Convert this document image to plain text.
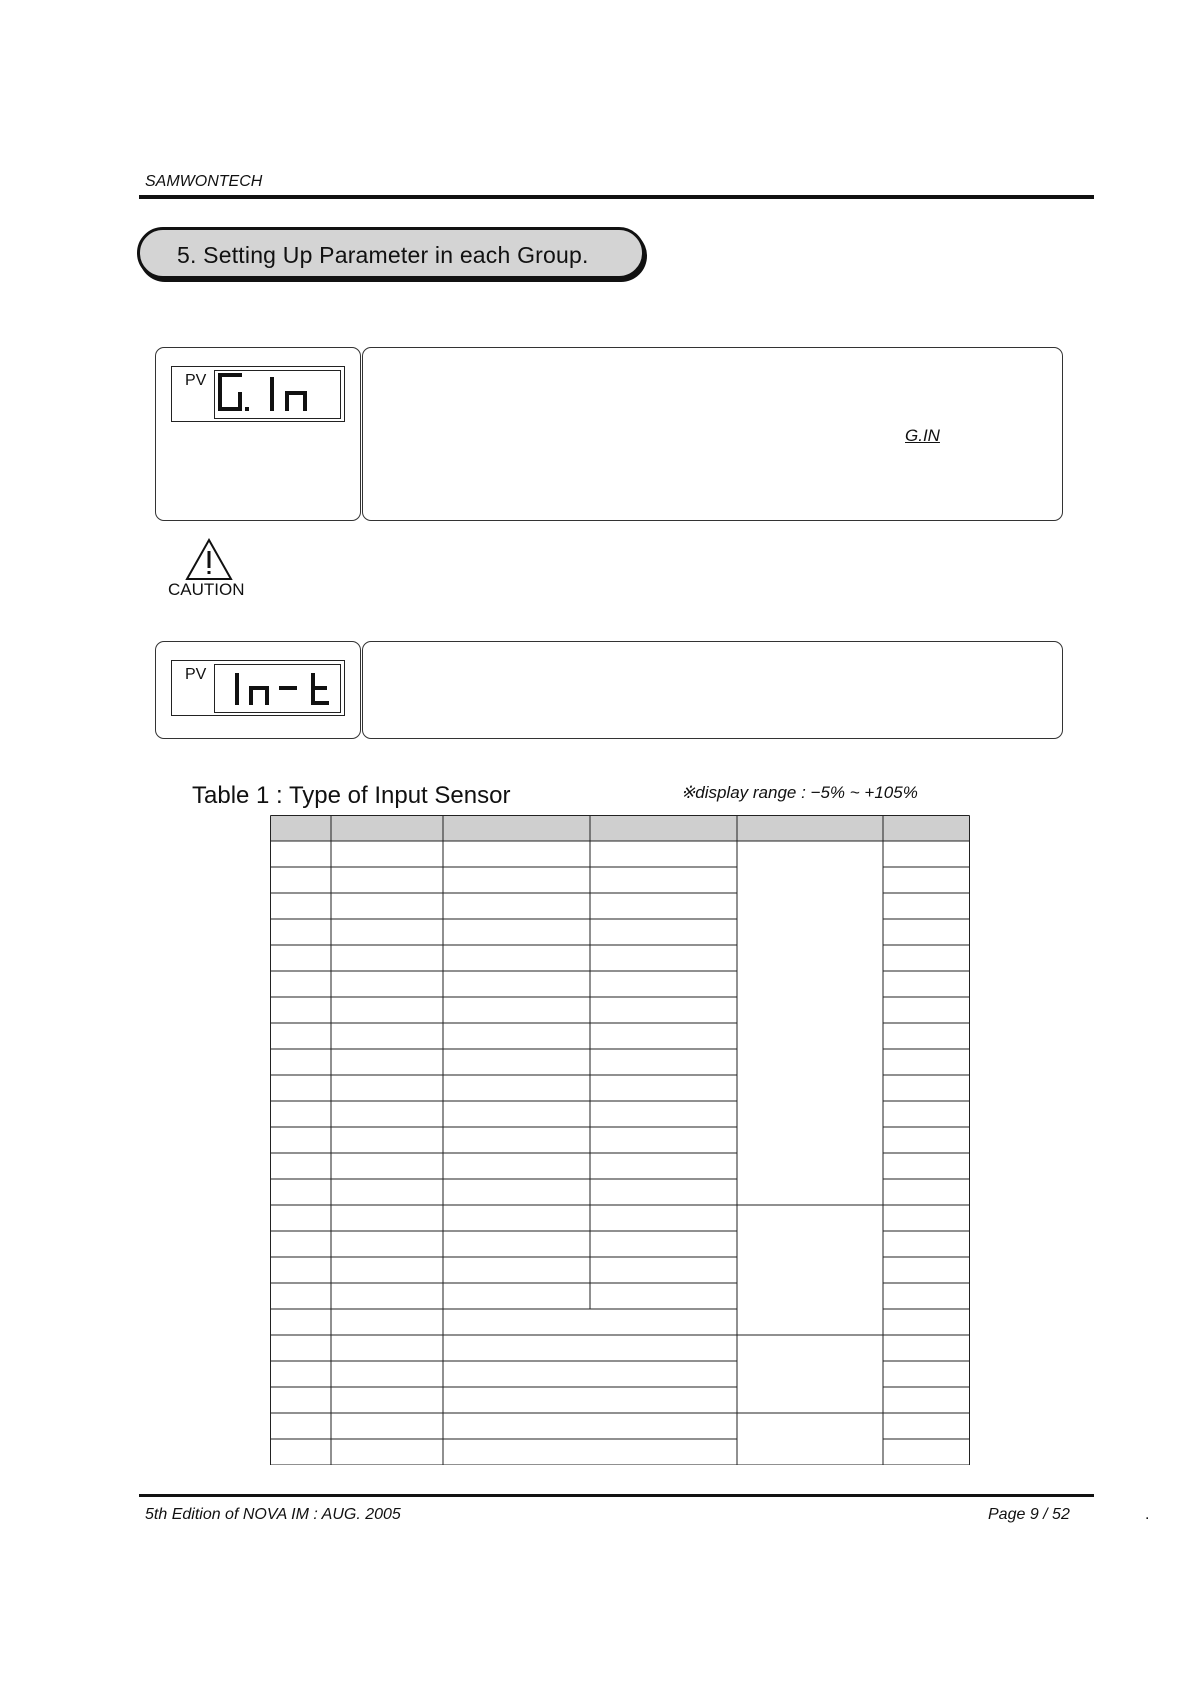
SAMWONTECH
5. Setting Up Parameter in each Group.
PV
G.IN
CAUTION
PV
Table 1 : Type of Input Sensor	※display range : −5% ~ +105%
5th Edition of NOVA IM : AUG. 2005	Page 9 / 52	.
